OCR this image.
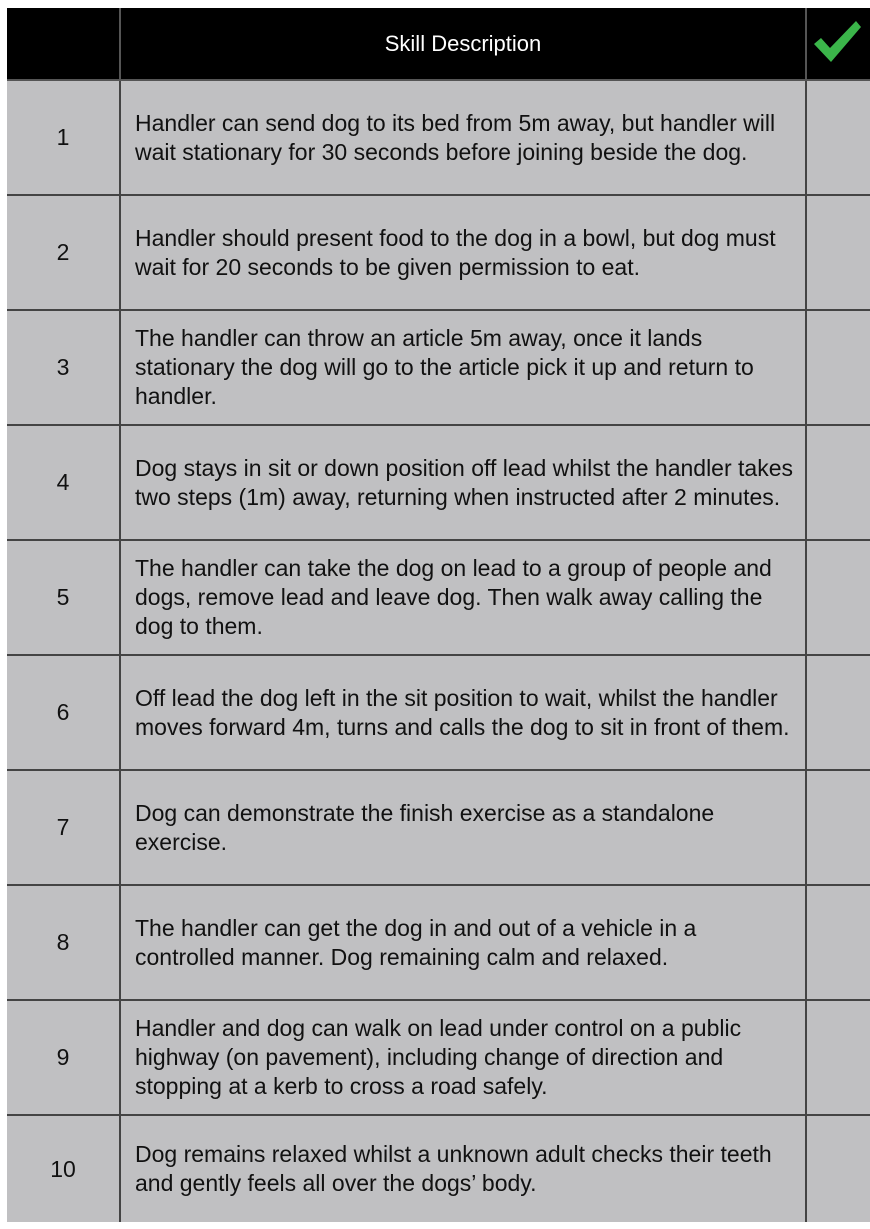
	Skill Description	
1	Handler can send dog to its bed from 5m away, but handler will wait stationary for 30 seconds before joining beside the dog.	
2	Handler should present food to the dog in a bowl, but dog must wait for 20 seconds to be given permission to eat.	
3	The handler can throw an article 5m away, once it lands stationary the dog will go to the article pick it up and return to handler.	
4	Dog stays in sit or down position off lead whilst the handler takes two steps (1m) away, returning when instructed after 2 minutes.	
5	The handler can take the dog on lead to a group of people and dogs, remove lead and leave dog. Then walk away calling the dog to them.	
6	Off lead the dog left in the sit position to wait, whilst the handler moves forward 4m, turns and calls the dog to sit in front of them.	
7	Dog can demonstrate the finish exercise as a standalone exercise.	
8	The handler can get the dog in and out of a vehicle in a controlled manner. Dog remaining calm and relaxed.	
9	Handler and dog can walk on lead under control on a public highway (on pavement), including change of direction and stopping at a kerb to cross a road safely.	
10	Dog remains relaxed whilst a unknown adult checks their teeth and gently feels all over the dogs’ body.	
